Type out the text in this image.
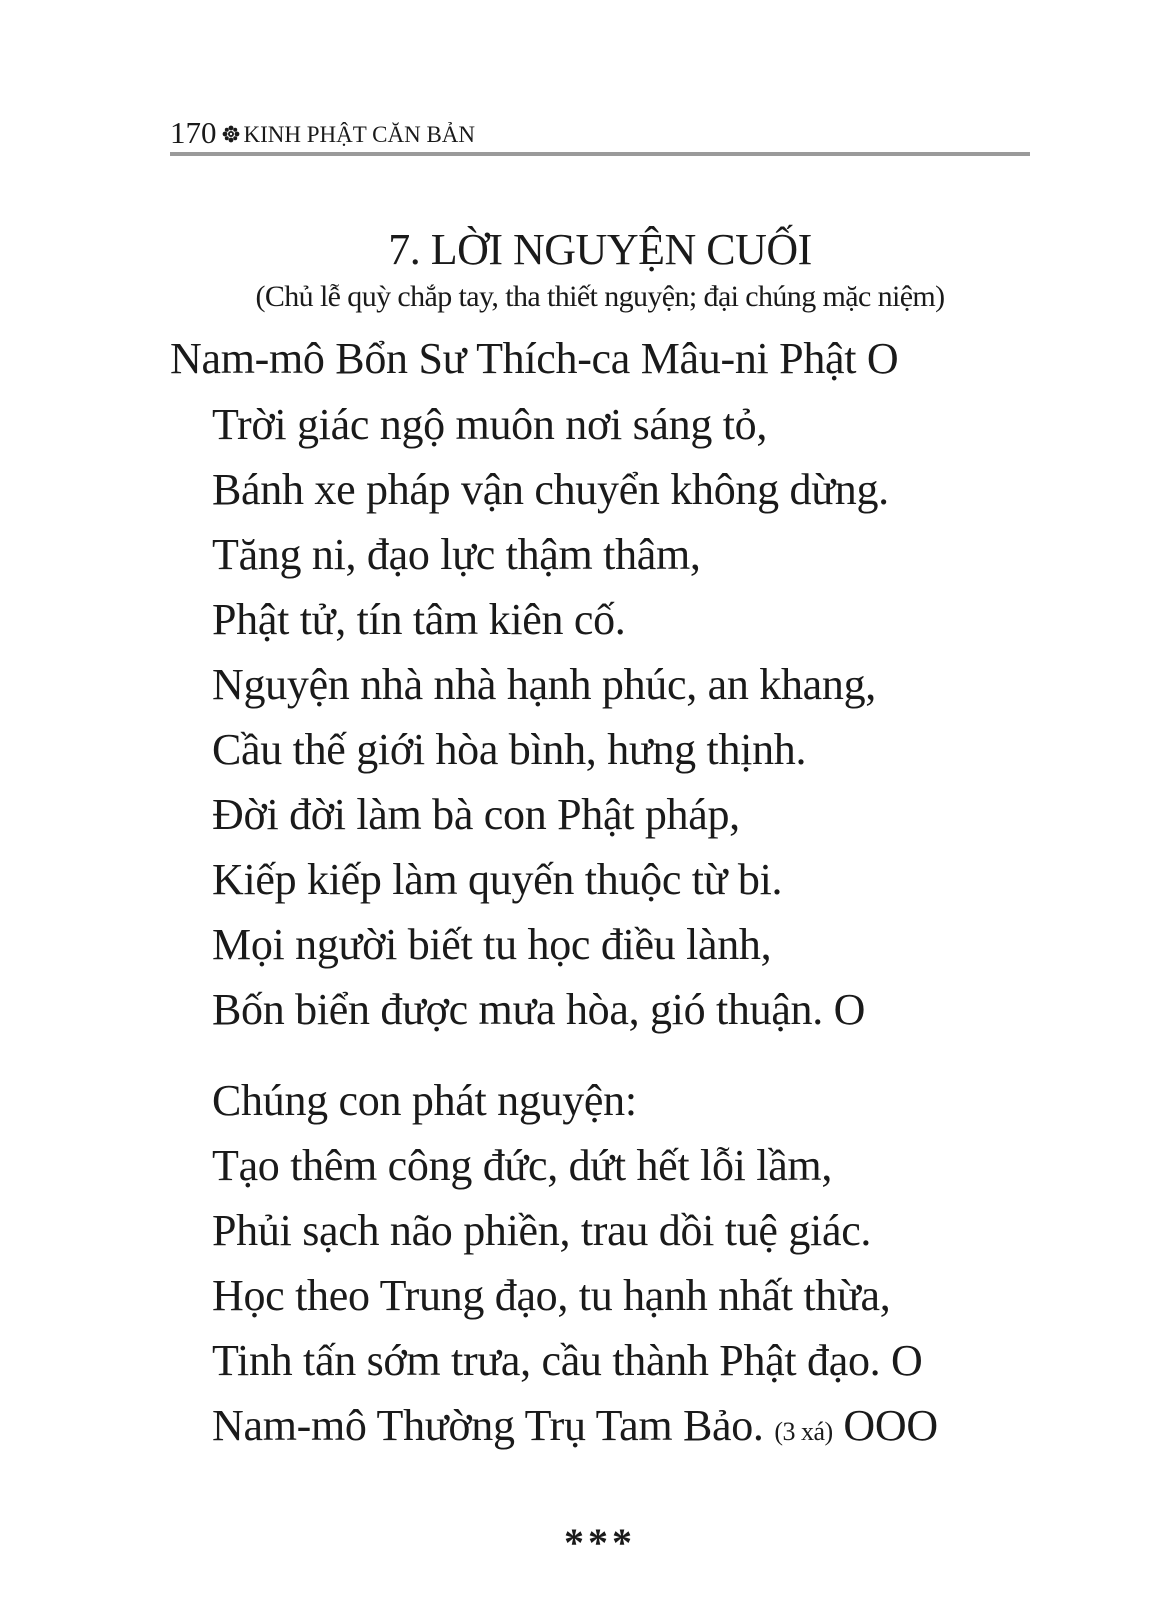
170 KINH PHẬT CĂN BẢN
7. LỜI NGUYỆN CUỐI
(Chủ lễ quỳ chắp tay, tha thiết nguyện; đại chúng mặc niệm)
Nam-mô Bổn Sư Thích-ca Mâu-ni Phật O
Trời giác ngộ muôn nơi sáng tỏ,
Bánh xe pháp vận chuyển không dừng.
Tăng ni, đạo lực thậm thâm,
Phật tử, tín tâm kiên cố.
Nguyện nhà nhà hạnh phúc, an khang,
Cầu thế giới hòa bình, hưng thịnh.
Đời đời làm bà con Phật pháp,
Kiếp kiếp làm quyến thuộc từ bi.
Mọi người biết tu học điều lành,
Bốn biển được mưa hòa, gió thuận. O
Chúng con phát nguyện:
Tạo thêm công đức, dứt hết lỗi lầm,
Phủi sạch não phiền, trau dồi tuệ giác.
Học theo Trung đạo, tu hạnh nhất thừa,
Tinh tấn sớm trưa, cầu thành Phật đạo. O
Nam-mô Thường Trụ Tam Bảo. (3 xá) OOO
***
